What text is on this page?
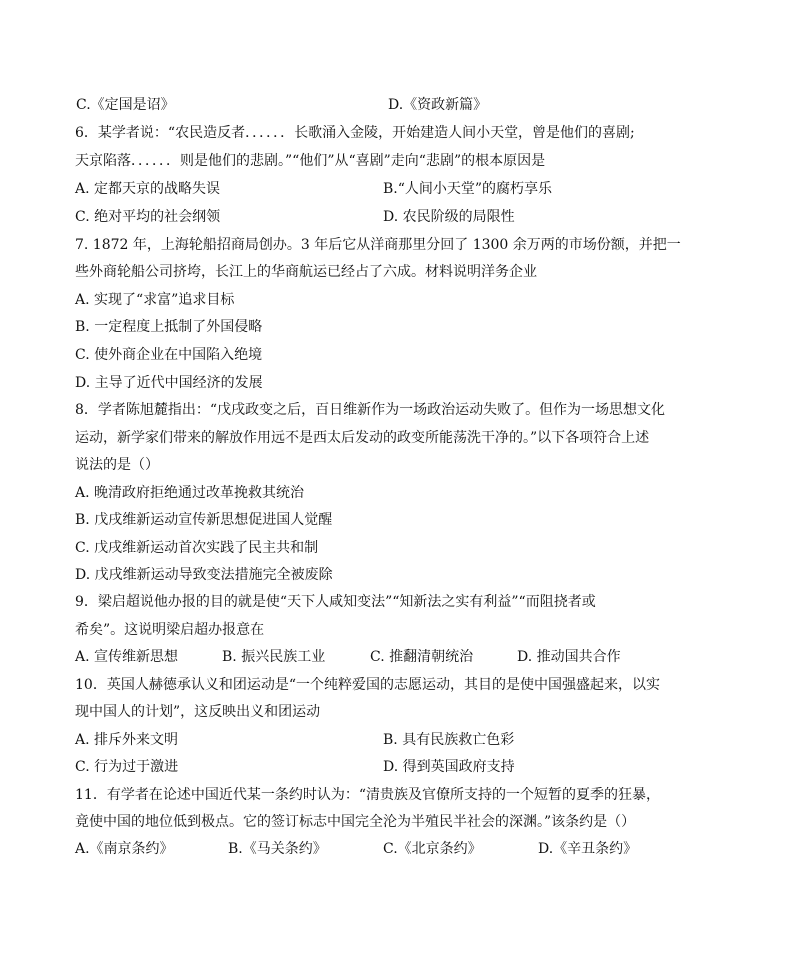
C.《定国是诏》	D.《资政新篇》
6．某学者说：“农民造反者．．．．．．长歌涌入金陵，开始建造人间小天堂，曾是他们的喜剧;
天京陷落．．．．．．则是他们的悲剧。”“他们”从“喜剧”走向“悲剧”的根本原因是
A. 定都天京的战略失误	B.“人间小天堂”的腐朽享乐
C. 绝对平均的社会纲领	D. 农民阶级的局限性
7. 1872 年，上海轮船招商局创办。3 年后它从洋商那里分回了 1300 余万两的市场份额，并把一
些外商轮船公司挤垮，长江上的华商航运已经占了六成。材料说明洋务企业
A. 实现了“求富”追求目标
B. 一定程度上抵制了外国侵略
C. 使外商企业在中国陷入绝境
D. 主导了近代中国经济的发展
8．学者陈旭麓指出：“戊戌政变之后，百日维新作为一场政治运动失败了。但作为一场思想文化
运动，新学家们带来的解放作用远不是西太后发动的政变所能荡洗干净的。”以下各项符合上述
说法的是（）
A. 晚清政府拒绝通过改革挽救其统治
B. 戊戌维新运动宣传新思想促进国人觉醒
C. 戊戌维新运动首次实践了民主共和制
D. 戊戌维新运动导致变法措施完全被废除
9．梁启超说他办报的目的就是使“天下人咸知变法”“知新法之实有利益”“而阻挠者或
希矣”。这说明梁启超办报意在
A. 宣传维新思想	B. 振兴民族工业	C. 推翻清朝统治	D. 推动国共合作
10．英国人赫德承认义和团运动是“一个纯粹爱国的志愿运动，其目的是使中国强盛起来，以实
现中国人的计划”，这反映出义和团运动
A. 排斥外来文明	B. 具有民族救亡色彩
C. 行为过于激进	D. 得到英国政府支持
11．有学者在论述中国近代某一条约时认为：“清贵族及官僚所支持的一个短暂的夏季的狂暴，
竟使中国的地位低到极点。它的签订标志中国完全沦为半殖民半社会的深渊。”该条约是（）
A.《南京条约》	B.《马关条约》	C.《北京条约》	D.《辛丑条约》
